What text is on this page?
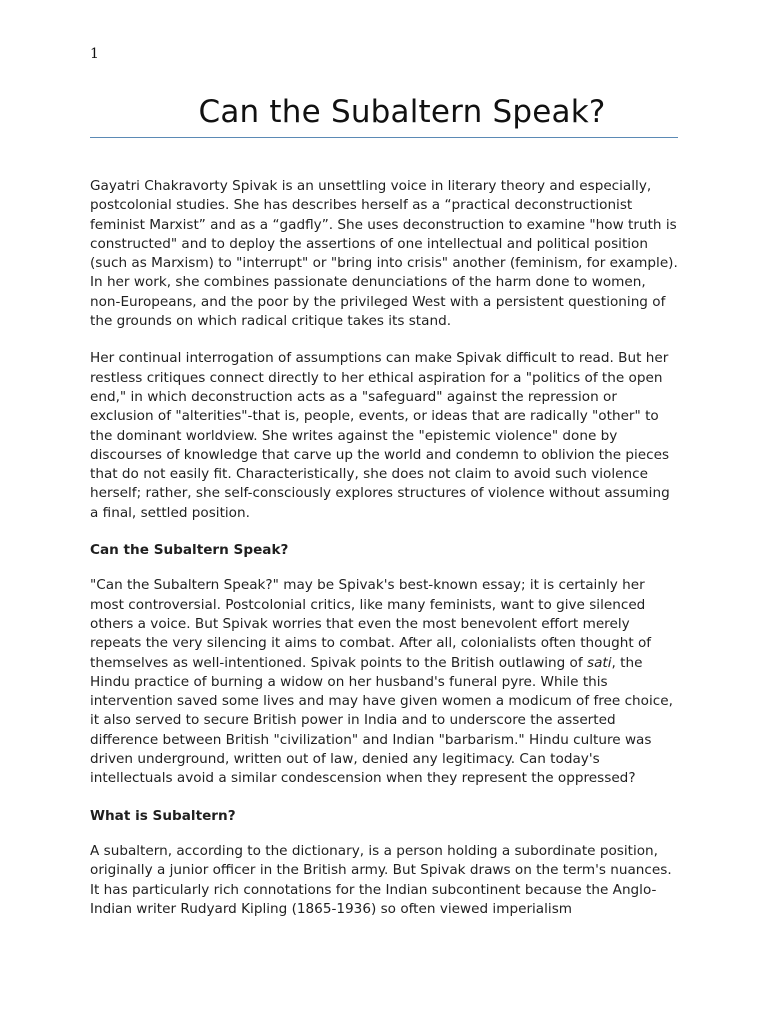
1
Can the Subaltern Speak?

Gayatri Chakravorty Spivak is an unsettling voice in literary theory and especially, postcolonial studies. She has describes herself as a “practical deconstructionist feminist Marxist” and as a “gadfly”. She uses deconstruction to examine "how truth is constructed" and to deploy the assertions of one intellectual and political position (such as Marxism) to "interrupt" or "bring into crisis" another (feminism, for example). In her work, she combines passionate denunciations of the harm done to women, non-Europeans, and the poor by the privileged West with a persistent questioning of the grounds on which radical critique takes its stand.

Her continual interrogation of assumptions can make Spivak difficult to read. But her restless critiques connect directly to her ethical aspiration for a "politics of the open end," in which deconstruction acts as a "safeguard" against the repression or exclusion of "alterities"-that is, people, events, or ideas that are radically "other" to the dominant worldview. She writes against the "epistemic violence" done by discourses of knowledge that carve up the world and condemn to oblivion the pieces that do not easily fit. Characteristically, she does not claim to avoid such violence herself; rather, she self-consciously explores structures of violence without assuming a final, settled position.

Can the Subaltern Speak?

"Can the Subaltern Speak?" may be Spivak's best-known essay; it is certainly her most controversial. Postcolonial critics, like many feminists, want to give silenced others a voice. But Spivak worries that even the most benevolent effort merely repeats the very silencing it aims to combat. After all, colonialists often thought of themselves as well-intentioned. Spivak points to the British outlawing of sati, the Hindu practice of burning a widow on her husband's funeral pyre. While this intervention saved some lives and may have given women a modicum of free choice, it also served to secure British power in India and to underscore the asserted difference between British "civilization" and Indian "barbarism." Hindu culture was driven underground, written out of law, denied any legitimacy. Can today's intellectuals avoid a similar condescension when they represent the oppressed?

What is Subaltern?

A subaltern, according to the dictionary, is a person holding a subordinate position, originally a junior officer in the British army. But Spivak draws on the term's nuances. It has particularly rich connotations for the Indian subcontinent because the Anglo-Indian writer Rudyard Kipling (1865-1936) so often viewed imperialism
